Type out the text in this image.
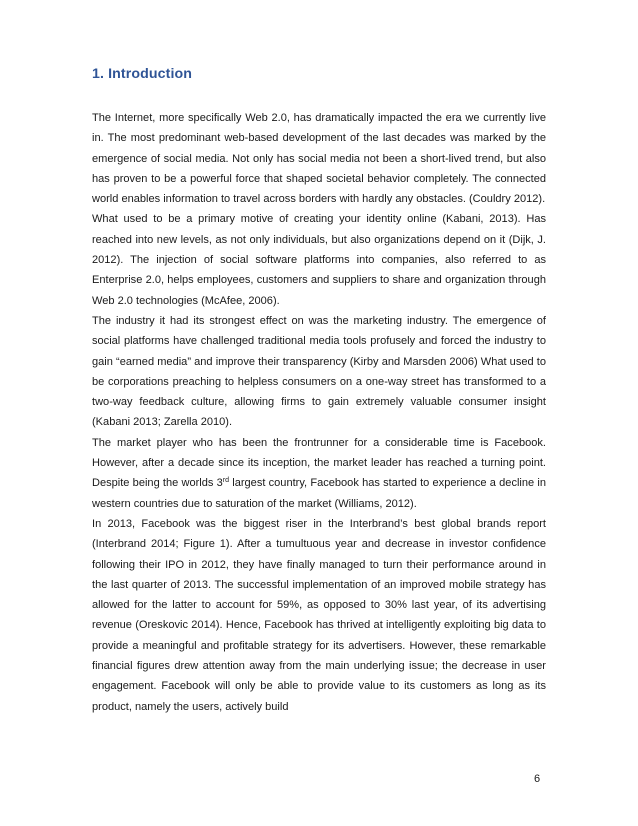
1. Introduction

The Internet, more specifically Web 2.0, has dramatically impacted the era we currently live in. The most predominant web-based development of the last decades was marked by the emergence of social media. Not only has social media not been a short-lived trend, but also has proven to be a powerful force that shaped societal behavior completely. The connected world enables information to travel across borders with hardly any obstacles. (Couldry 2012).

What used to be a primary motive of creating your identity online (Kabani, 2013). Has reached into new levels, as not only individuals, but also organizations depend on it (Dijk, J. 2012). The injection of social software platforms into companies, also referred to as Enterprise 2.0, helps employees, customers and suppliers to share and organization through Web 2.0 technologies (McAfee, 2006).

The industry it had its strongest effect on was the marketing industry. The emergence of social platforms have challenged traditional media tools profusely and forced the industry to gain “earned media” and improve their transparency (Kirby and Marsden 2006) What used to be corporations preaching to helpless consumers on a one-way street has transformed to a two-way feedback culture, allowing firms to gain extremely valuable consumer insight (Kabani 2013; Zarella 2010).

The market player who has been the frontrunner for a considerable time is Facebook. However, after a decade since its inception, the market leader has reached a turning point. Despite being the worlds 3rd largest country, Facebook has started to experience a decline in western countries due to saturation of the market (Williams, 2012).

In 2013, Facebook was the biggest riser in the Interbrand’s best global brands report (Interbrand 2014; Figure 1). After a tumultuous year and decrease in investor confidence following their IPO in 2012, they have finally managed to turn their performance around in the last quarter of 2013. The successful implementation of an improved mobile strategy has allowed for the latter to account for 59%, as opposed to 30% last year, of its advertising revenue (Oreskovic 2014). Hence, Facebook has thrived at intelligently exploiting big data to provide a meaningful and profitable strategy for its advertisers. However, these remarkable financial figures drew attention away from the main underlying issue; the decrease in user engagement. Facebook will only be able to provide value to its customers as long as its product, namely the users, actively build

6
